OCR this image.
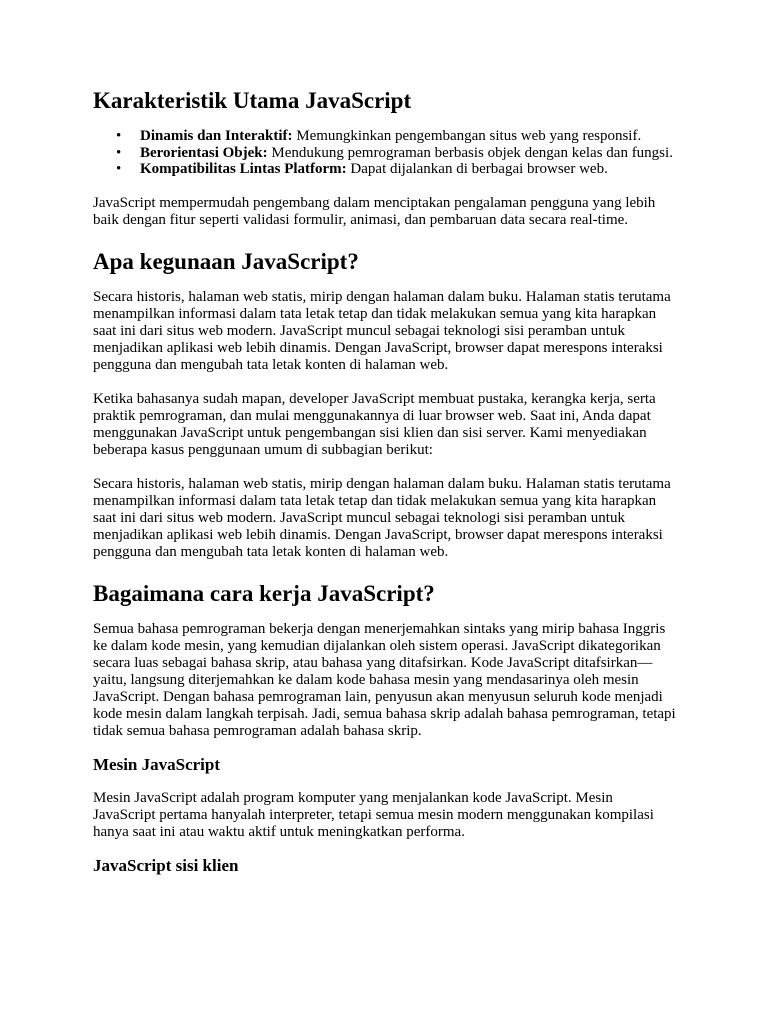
Karakteristik Utama JavaScript
• Dinamis dan Interaktif: Memungkinkan pengembangan situs web yang responsif.
• Berorientasi Objek: Mendukung pemrograman berbasis objek dengan kelas dan fungsi.
• Kompatibilitas Lintas Platform: Dapat dijalankan di berbagai browser web.

JavaScript mempermudah pengembang dalam menciptakan pengalaman pengguna yang lebih baik dengan fitur seperti validasi formulir, animasi, dan pembaruan data secara real-time.

Apa kegunaan JavaScript?

Secara historis, halaman web statis, mirip dengan halaman dalam buku. Halaman statis terutama menampilkan informasi dalam tata letak tetap dan tidak melakukan semua yang kita harapkan saat ini dari situs web modern. JavaScript muncul sebagai teknologi sisi peramban untuk menjadikan aplikasi web lebih dinamis. Dengan JavaScript, browser dapat merespons interaksi pengguna dan mengubah tata letak konten di halaman web.

Ketika bahasanya sudah mapan, developer JavaScript membuat pustaka, kerangka kerja, serta praktik pemrograman, dan mulai menggunakannya di luar browser web. Saat ini, Anda dapat menggunakan JavaScript untuk pengembangan sisi klien dan sisi server. Kami menyediakan beberapa kasus penggunaan umum di subbagian berikut:

Secara historis, halaman web statis, mirip dengan halaman dalam buku. Halaman statis terutama menampilkan informasi dalam tata letak tetap dan tidak melakukan semua yang kita harapkan saat ini dari situs web modern. JavaScript muncul sebagai teknologi sisi peramban untuk menjadikan aplikasi web lebih dinamis. Dengan JavaScript, browser dapat merespons interaksi pengguna dan mengubah tata letak konten di halaman web.

Bagaimana cara kerja JavaScript?

Semua bahasa pemrograman bekerja dengan menerjemahkan sintaks yang mirip bahasa Inggris ke dalam kode mesin, yang kemudian dijalankan oleh sistem operasi. JavaScript dikategorikan secara luas sebagai bahasa skrip, atau bahasa yang ditafsirkan. Kode JavaScript ditafsirkan—yaitu, langsung diterjemahkan ke dalam kode bahasa mesin yang mendasarinya oleh mesin JavaScript. Dengan bahasa pemrograman lain, penyusun akan menyusun seluruh kode menjadi kode mesin dalam langkah terpisah. Jadi, semua bahasa skrip adalah bahasa pemrograman, tetapi tidak semua bahasa pemrograman adalah bahasa skrip.

Mesin JavaScript

Mesin JavaScript adalah program komputer yang menjalankan kode JavaScript. Mesin JavaScript pertama hanyalah interpreter, tetapi semua mesin modern menggunakan kompilasi hanya saat ini atau waktu aktif untuk meningkatkan performa.

JavaScript sisi klien
